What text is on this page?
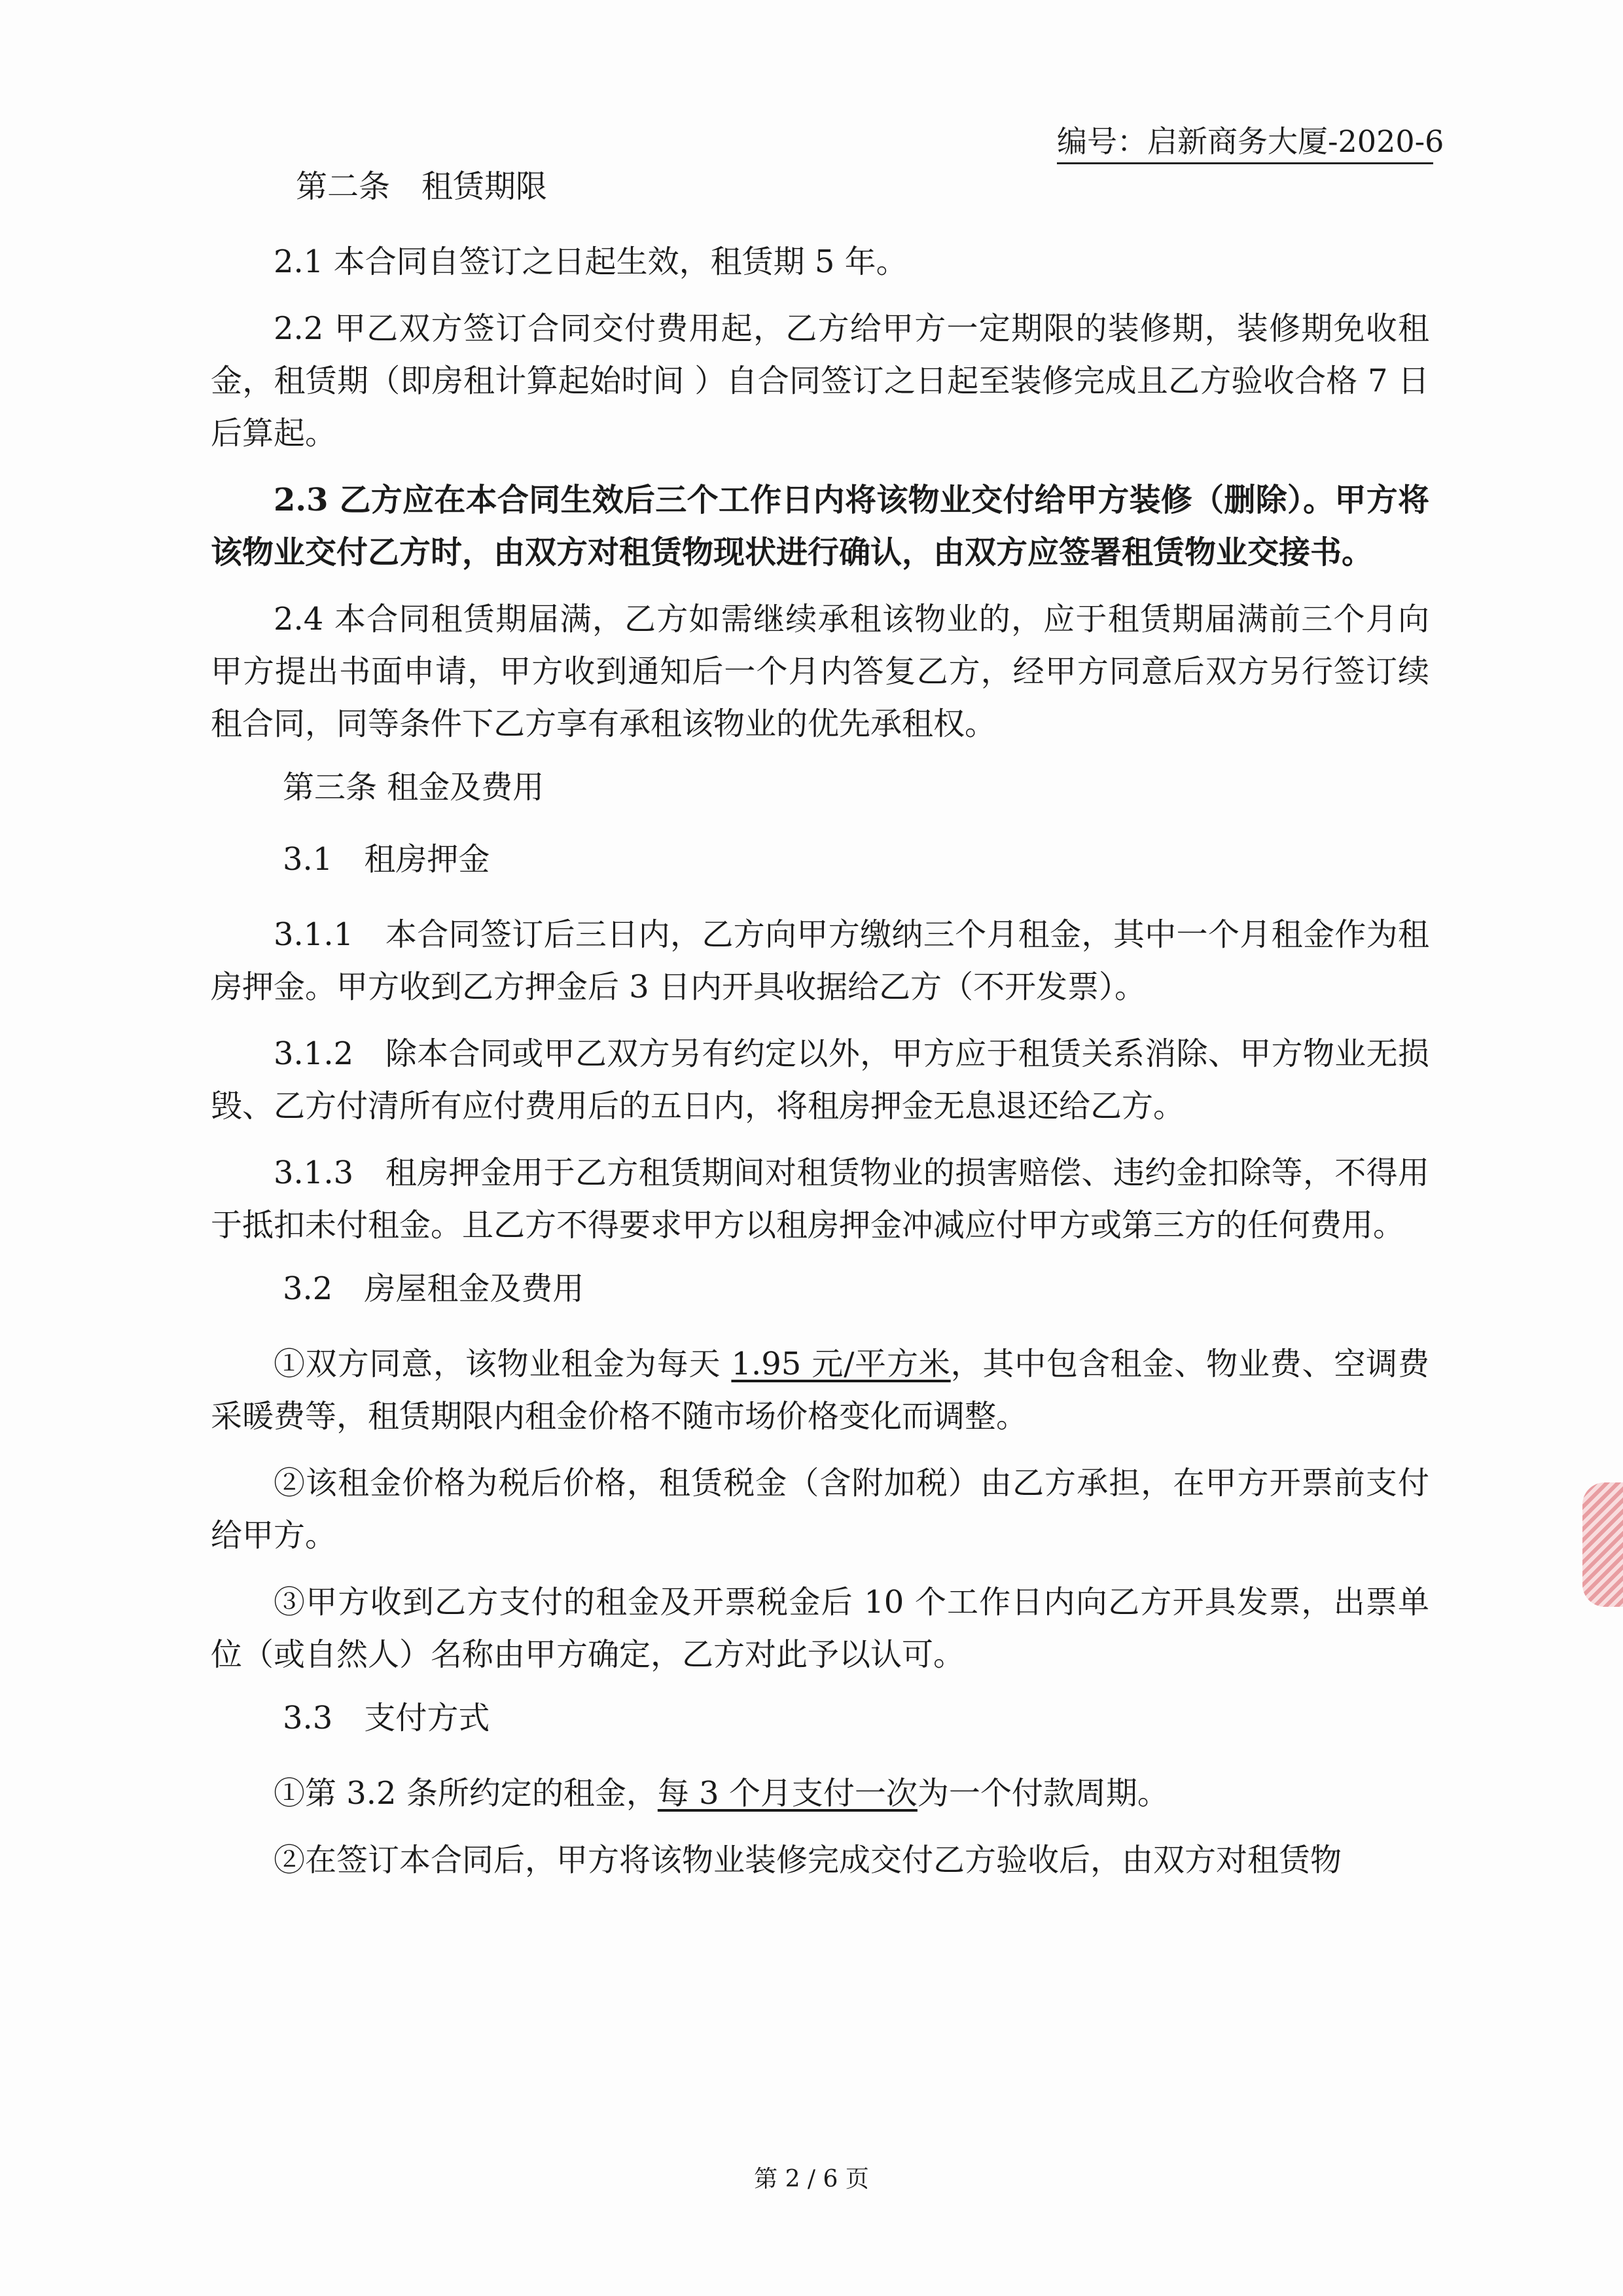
编号：启新商务大厦-2020-6
第二条　租赁期限
2.1 本合同自签订之日起生效，租赁期 5 年。
2.2 甲乙双方签订合同交付费用起，乙方给甲方一定期限的装修期，装修期免收租金，租赁期（即房租计算起始时间 ）自合同签订之日起至装修完成且乙方验收合格 7 日后算起。
2.3 乙方应在本合同生效后三个工作日内将该物业交付给甲方装修（删除）。甲方将该物业交付乙方时，由双方对租赁物现状进行确认，由双方应签署租赁物业交接书。
2.4 本合同租赁期届满，乙方如需继续承租该物业的，应于租赁期届满前三个月向甲方提出书面申请，甲方收到通知后一个月内答复乙方，经甲方同意后双方另行签订续租合同，同等条件下乙方享有承租该物业的优先承租权。
第三条 租金及费用
3.1　租房押金
3.1.1　本合同签订后三日内，乙方向甲方缴纳三个月租金，其中一个月租金作为租房押金。甲方收到乙方押金后 3 日内开具收据给乙方（不开发票）。
3.1.2　除本合同或甲乙双方另有约定以外，甲方应于租赁关系消除、甲方物业无损毁、乙方付清所有应付费用后的五日内，将租房押金无息退还给乙方。
3.1.3　租房押金用于乙方租赁期间对租赁物业的损害赔偿、违约金扣除等，不得用于抵扣未付租金。且乙方不得要求甲方以租房押金冲减应付甲方或第三方的任何费用。
3.2　房屋租金及费用
①双方同意，该物业租金为每天 1.95 元/平方米，其中包含租金、物业费、空调费采暖费等，租赁期限内租金价格不随市场价格变化而调整。
②该租金价格为税后价格，租赁税金（含附加税）由乙方承担，在甲方开票前支付给甲方。
③甲方收到乙方支付的租金及开票税金后 10 个工作日内向乙方开具发票，出票单位（或自然人）名称由甲方确定，乙方对此予以认可。
3.3　支付方式
①第 3.2 条所约定的租金，每 3 个月支付一次为一个付款周期。
②在签订本合同后，甲方将该物业装修完成交付乙方验收后，由双方对租赁物
第 2 / 6 页
